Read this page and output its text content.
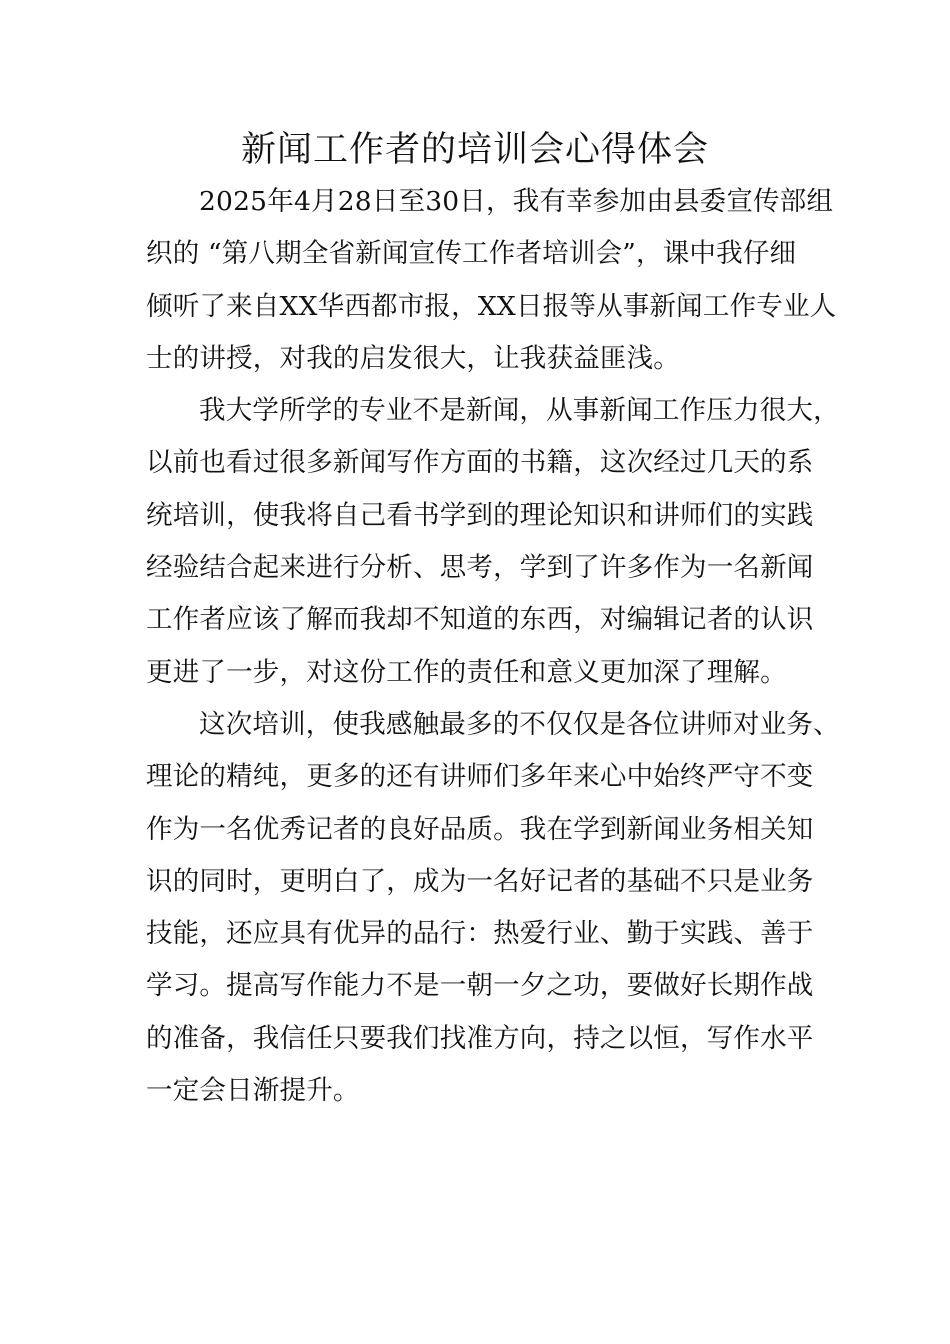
新闻工作者的培训会心得体会

2025年4月28日至30日，我有幸参加由县委宣传部组
织的 “第八期全省新闻宣传工作者培训会”，课中我仔细
倾听了来自XX华西都市报，XX日报等从事新闻工作专业人
士的讲授，对我的启发很大，让我获益匪浅。

我大学所学的专业不是新闻，从事新闻工作压力很大，
以前也看过很多新闻写作方面的书籍，这次经过几天的系
统培训，使我将自己看书学到的理论知识和讲师们的实践
经验结合起来进行分析、思考，学到了许多作为一名新闻
工作者应该了解而我却不知道的东西，对编辑记者的认识
更进了一步，对这份工作的责任和意义更加深了理解。

这次培训，使我感触最多的不仅仅是各位讲师对业务、
理论的精纯，更多的还有讲师们多年来心中始终严守不变
作为一名优秀记者的良好品质。我在学到新闻业务相关知
识的同时，更明白了，成为一名好记者的基础不只是业务
技能，还应具有优异的品行：热爱行业、勤于实践、善于
学习。提高写作能力不是一朝一夕之功，要做好长期作战
的准备，我信任只要我们找准方向，持之以恒，写作水平
一定会日渐提升。
